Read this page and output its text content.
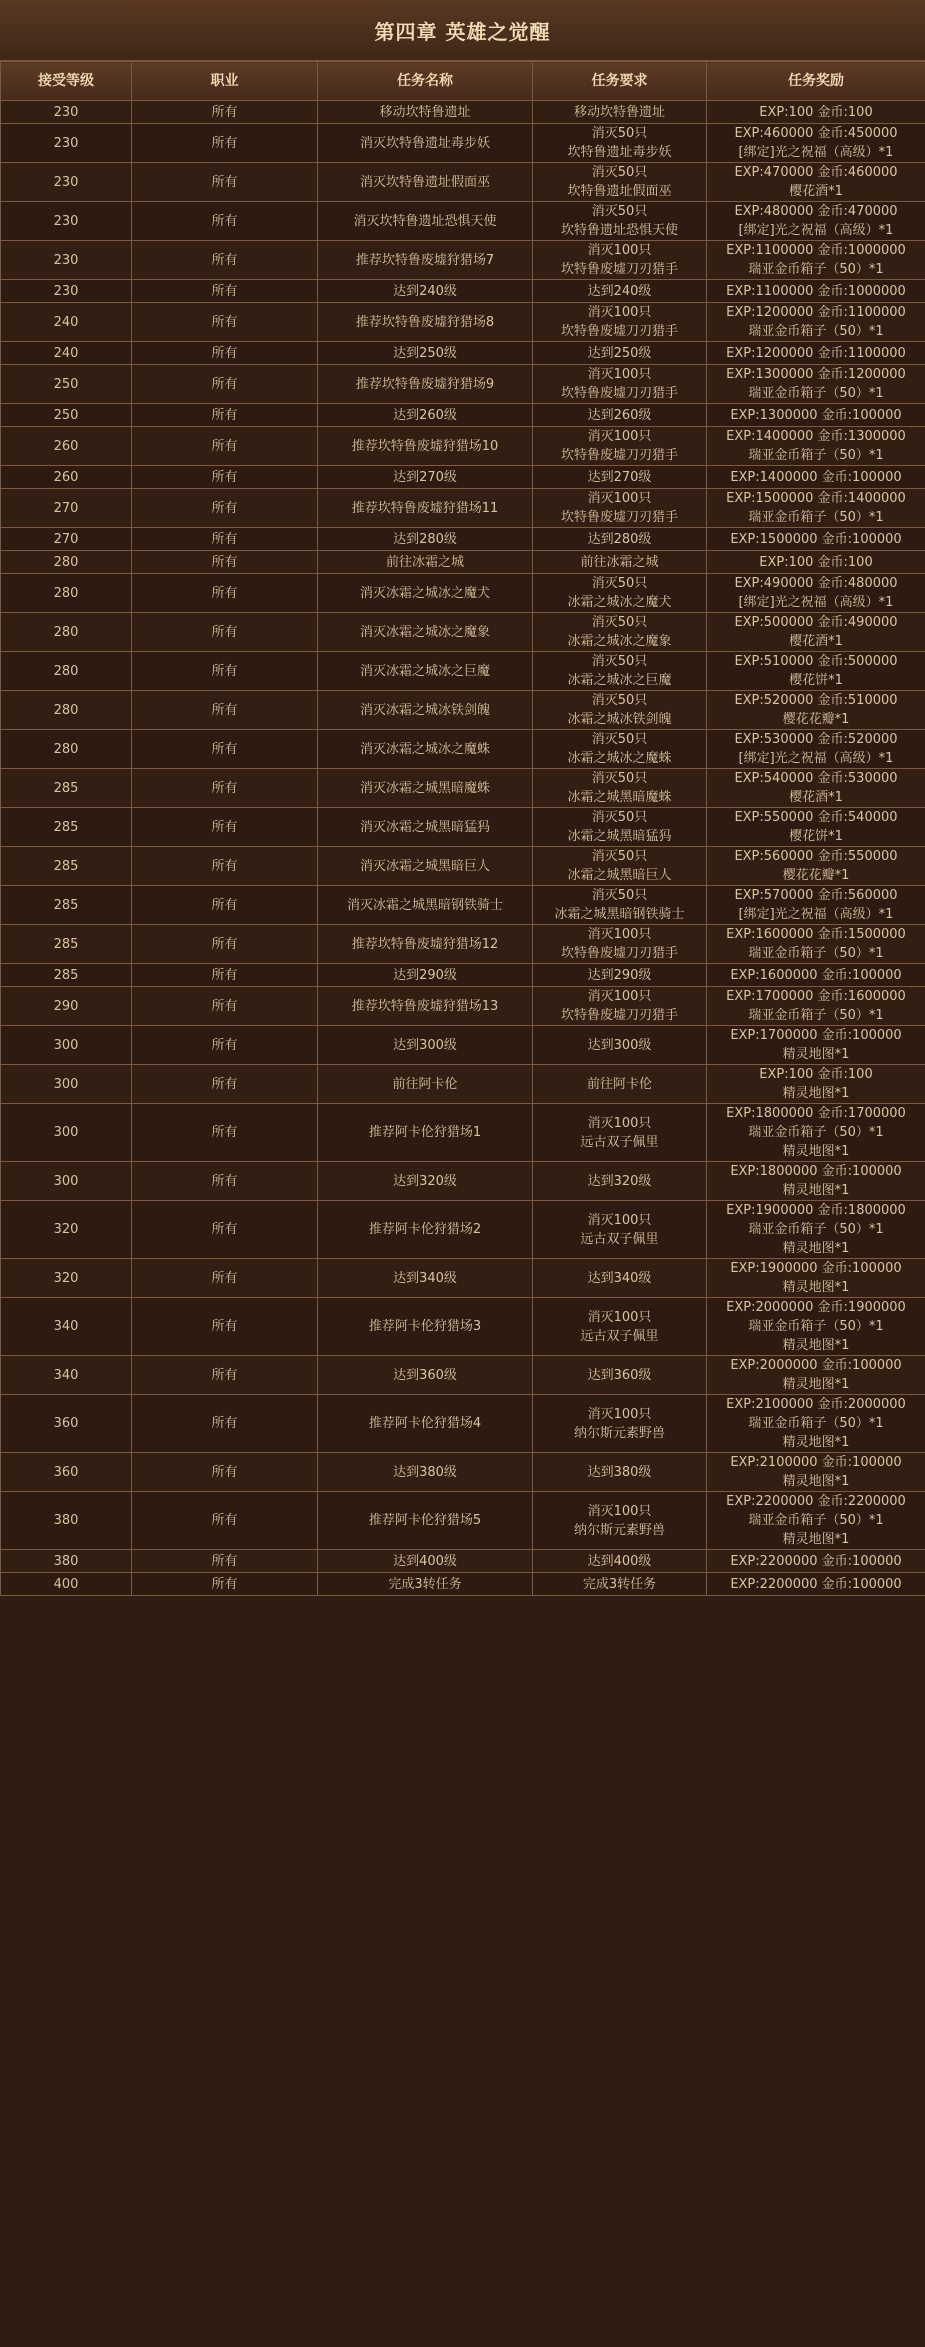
第四章 英雄之觉醒
接受等级	职业	任务名称	任务要求	任务奖励
230	所有	移动坎特鲁遗址	移动坎特鲁遗址	EXP:100 金币:100

230	所有	消灭坎特鲁遗址毒步妖	消灭50只
坎特鲁遗址毒步妖	EXP:460000 金币:450000
[绑定]光之祝福（高级）*1

230	所有	消灭坎特鲁遗址假面巫	消灭50只
坎特鲁遗址假面巫	EXP:470000 金币:460000
樱花酒*1

230	所有	消灭坎特鲁遗址恐惧天使	消灭50只
坎特鲁遗址恐惧天使	EXP:480000 金币:470000
[绑定]光之祝福（高级）*1

230	所有	推荐坎特鲁废墟狩猎场7	消灭100只
坎特鲁废墟刀刃猎手	EXP:1100000 金币:1000000
瑞亚金币箱子（50）*1

230	所有	达到240级	达到240级	EXP:1100000 金币:1000000

240	所有	推荐坎特鲁废墟狩猎场8	消灭100只
坎特鲁废墟刀刃猎手	EXP:1200000 金币:1100000
瑞亚金币箱子（50）*1

240	所有	达到250级	达到250级	EXP:1200000 金币:1100000

250	所有	推荐坎特鲁废墟狩猎场9	消灭100只
坎特鲁废墟刀刃猎手	EXP:1300000 金币:1200000
瑞亚金币箱子（50）*1

250	所有	达到260级	达到260级	EXP:1300000 金币:100000

260	所有	推荐坎特鲁废墟狩猎场10	消灭100只
坎特鲁废墟刀刃猎手	EXP:1400000 金币:1300000
瑞亚金币箱子（50）*1

260	所有	达到270级	达到270级	EXP:1400000 金币:100000

270	所有	推荐坎特鲁废墟狩猎场11	消灭100只
坎特鲁废墟刀刃猎手	EXP:1500000 金币:1400000
瑞亚金币箱子（50）*1

270	所有	达到280级	达到280级	EXP:1500000 金币:100000

280	所有	前往冰霜之城	前往冰霜之城	EXP:100 金币:100

280	所有	消灭冰霜之城冰之魔犬	消灭50只
冰霜之城冰之魔犬	EXP:490000 金币:480000
[绑定]光之祝福（高级）*1

280	所有	消灭冰霜之城冰之魔象	消灭50只
冰霜之城冰之魔象	EXP:500000 金币:490000
樱花酒*1

280	所有	消灭冰霜之城冰之巨魔	消灭50只
冰霜之城冰之巨魔	EXP:510000 金币:500000
樱花饼*1

280	所有	消灭冰霜之城冰铁剑魄	消灭50只
冰霜之城冰铁剑魄	EXP:520000 金币:510000
樱花花瓣*1

280	所有	消灭冰霜之城冰之魔蛛	消灭50只
冰霜之城冰之魔蛛	EXP:530000 金币:520000
[绑定]光之祝福（高级）*1

285	所有	消灭冰霜之城黑暗魔蛛	消灭50只
冰霜之城黑暗魔蛛	EXP:540000 金币:530000
樱花酒*1

285	所有	消灭冰霜之城黑暗猛犸	消灭50只
冰霜之城黑暗猛犸	EXP:550000 金币:540000
樱花饼*1

285	所有	消灭冰霜之城黑暗巨人	消灭50只
冰霜之城黑暗巨人	EXP:560000 金币:550000
樱花花瓣*1

285	所有	消灭冰霜之城黑暗钢铁骑士	消灭50只
冰霜之城黑暗钢铁骑士	EXP:570000 金币:560000
[绑定]光之祝福（高级）*1

285	所有	推荐坎特鲁废墟狩猎场12	消灭100只
坎特鲁废墟刀刃猎手	EXP:1600000 金币:1500000
瑞亚金币箱子（50）*1

285	所有	达到290级	达到290级	EXP:1600000 金币:100000

290	所有	推荐坎特鲁废墟狩猎场13	消灭100只
坎特鲁废墟刀刃猎手	EXP:1700000 金币:1600000
瑞亚金币箱子（50）*1

300	所有	达到300级	达到300级	EXP:1700000 金币:100000
精灵地图*1

300	所有	前往阿卡伦	前往阿卡伦	EXP:100 金币:100
精灵地图*1

300	所有	推荐阿卡伦狩猎场1	消灭100只
远古双子佩里	EXP:1800000 金币:1700000
瑞亚金币箱子（50）*1
精灵地图*1

300	所有	达到320级	达到320级	EXP:1800000 金币:100000
精灵地图*1

320	所有	推荐阿卡伦狩猎场2	消灭100只
远古双子佩里	EXP:1900000 金币:1800000
瑞亚金币箱子（50）*1
精灵地图*1

320	所有	达到340级	达到340级	EXP:1900000 金币:100000
精灵地图*1

340	所有	推荐阿卡伦狩猎场3	消灭100只
远古双子佩里	EXP:2000000 金币:1900000
瑞亚金币箱子（50）*1
精灵地图*1

340	所有	达到360级	达到360级	EXP:2000000 金币:100000
精灵地图*1

360	所有	推荐阿卡伦狩猎场4	消灭100只
纳尔斯元素野兽	EXP:2100000 金币:2000000
瑞亚金币箱子（50）*1
精灵地图*1

360	所有	达到380级	达到380级	EXP:2100000 金币:100000
精灵地图*1

380	所有	推荐阿卡伦狩猎场5	消灭100只
纳尔斯元素野兽	EXP:2200000 金币:2200000
瑞亚金币箱子（50）*1
精灵地图*1

380	所有	达到400级	达到400级	EXP:2200000 金币:100000

400	所有	完成3转任务	完成3转任务	EXP:2200000 金币:100000
